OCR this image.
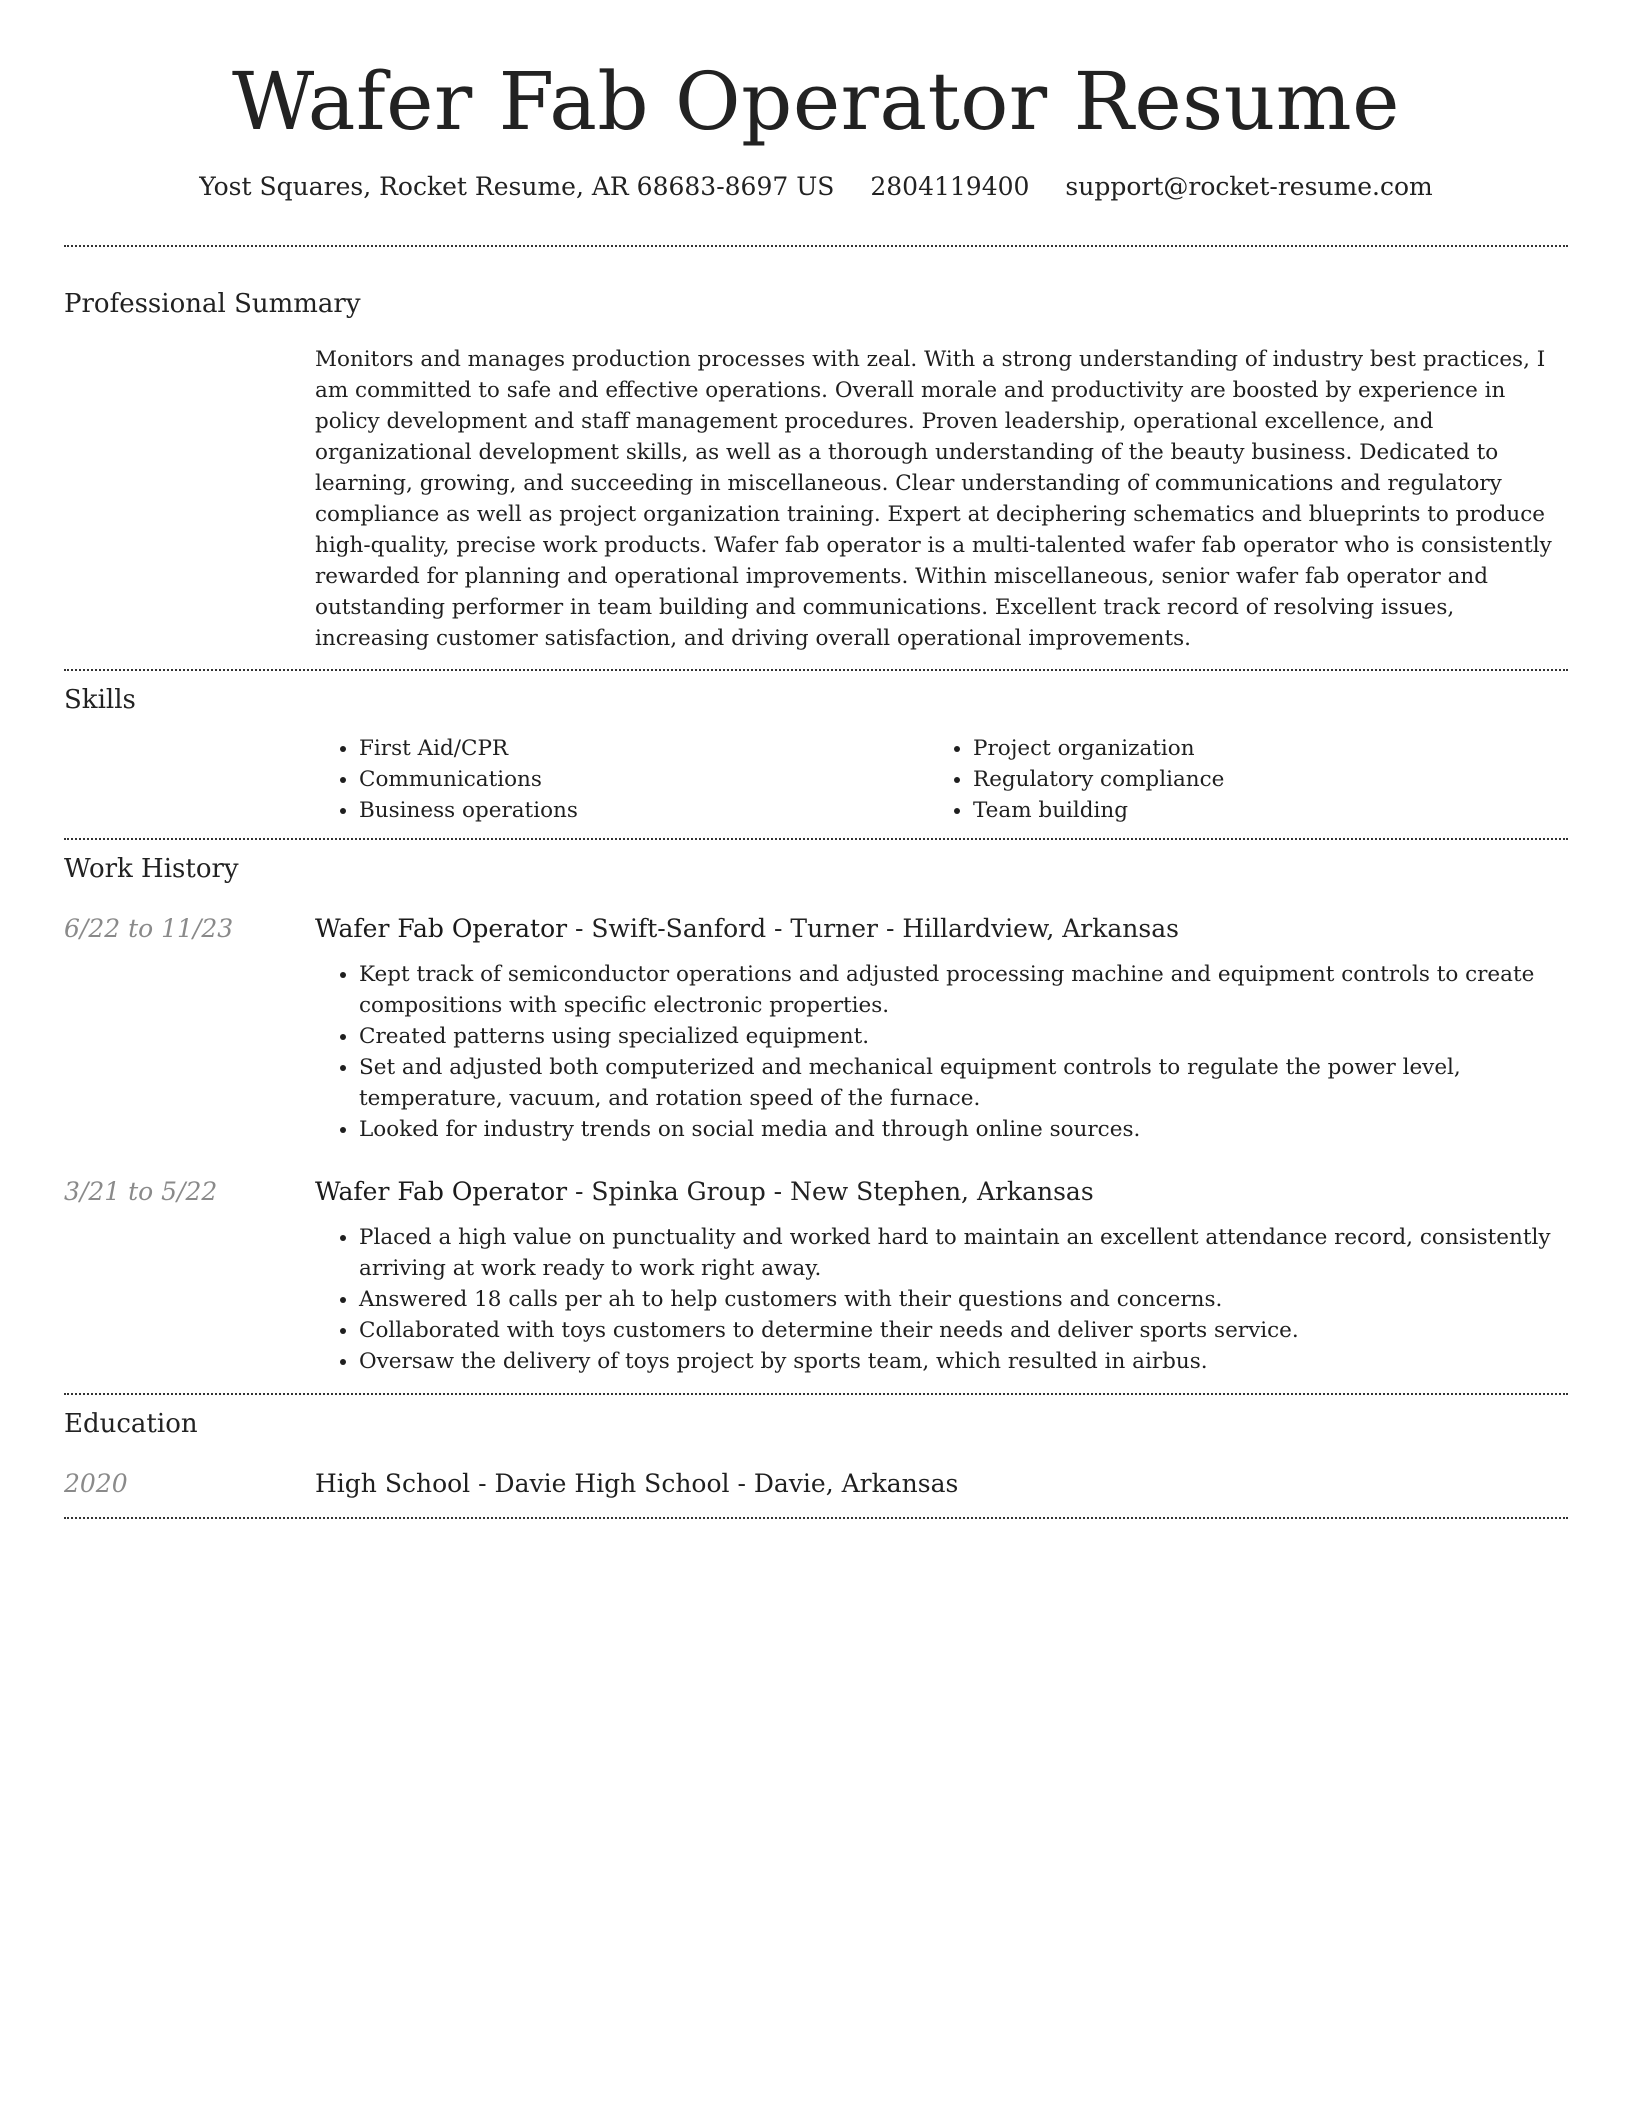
Wafer Fab Operator Resume
Yost Squares, Rocket Resume, AR 68683-8697 US 2804119400 support@rocket-resume.com
Professional Summary
Monitors and manages production processes with zeal. With a strong understanding of industry best practices, I am committed to safe and effective operations. Overall morale and productivity are boosted by experience in policy development and staff management procedures. Proven leadership, operational excellence, and organizational development skills, as well as a thorough understanding of the beauty business. Dedicated to learning, growing, and succeeding in miscellaneous. Clear understanding of communications and regulatory compliance as well as project organization training. Expert at deciphering schematics and blueprints to produce high-quality, precise work products. Wafer fab operator is a multi-talented wafer fab operator who is consistently rewarded for planning and operational improvements. Within miscellaneous, senior wafer fab operator and outstanding performer in team building and communications. Excellent track record of resolving issues, increasing customer satisfaction, and driving overall operational improvements.
Skills
• First Aid/CPR
• Communications
• Business operations
• Project organization
• Regulatory compliance
• Team building
Work History
6/22 to 11/23	Wafer Fab Operator - Swift-Sanford - Turner - Hillardview, Arkansas
• Kept track of semiconductor operations and adjusted processing machine and equipment controls to create compositions with specific electronic properties.
• Created patterns using specialized equipment.
• Set and adjusted both computerized and mechanical equipment controls to regulate the power level, temperature, vacuum, and rotation speed of the furnace.
• Looked for industry trends on social media and through online sources.
3/21 to 5/22	Wafer Fab Operator - Spinka Group - New Stephen, Arkansas
• Placed a high value on punctuality and worked hard to maintain an excellent attendance record, consistently arriving at work ready to work right away.
• Answered 18 calls per ah to help customers with their questions and concerns.
• Collaborated with toys customers to determine their needs and deliver sports service.
• Oversaw the delivery of toys project by sports team, which resulted in airbus.
Education
2020	High School - Davie High School - Davie, Arkansas
